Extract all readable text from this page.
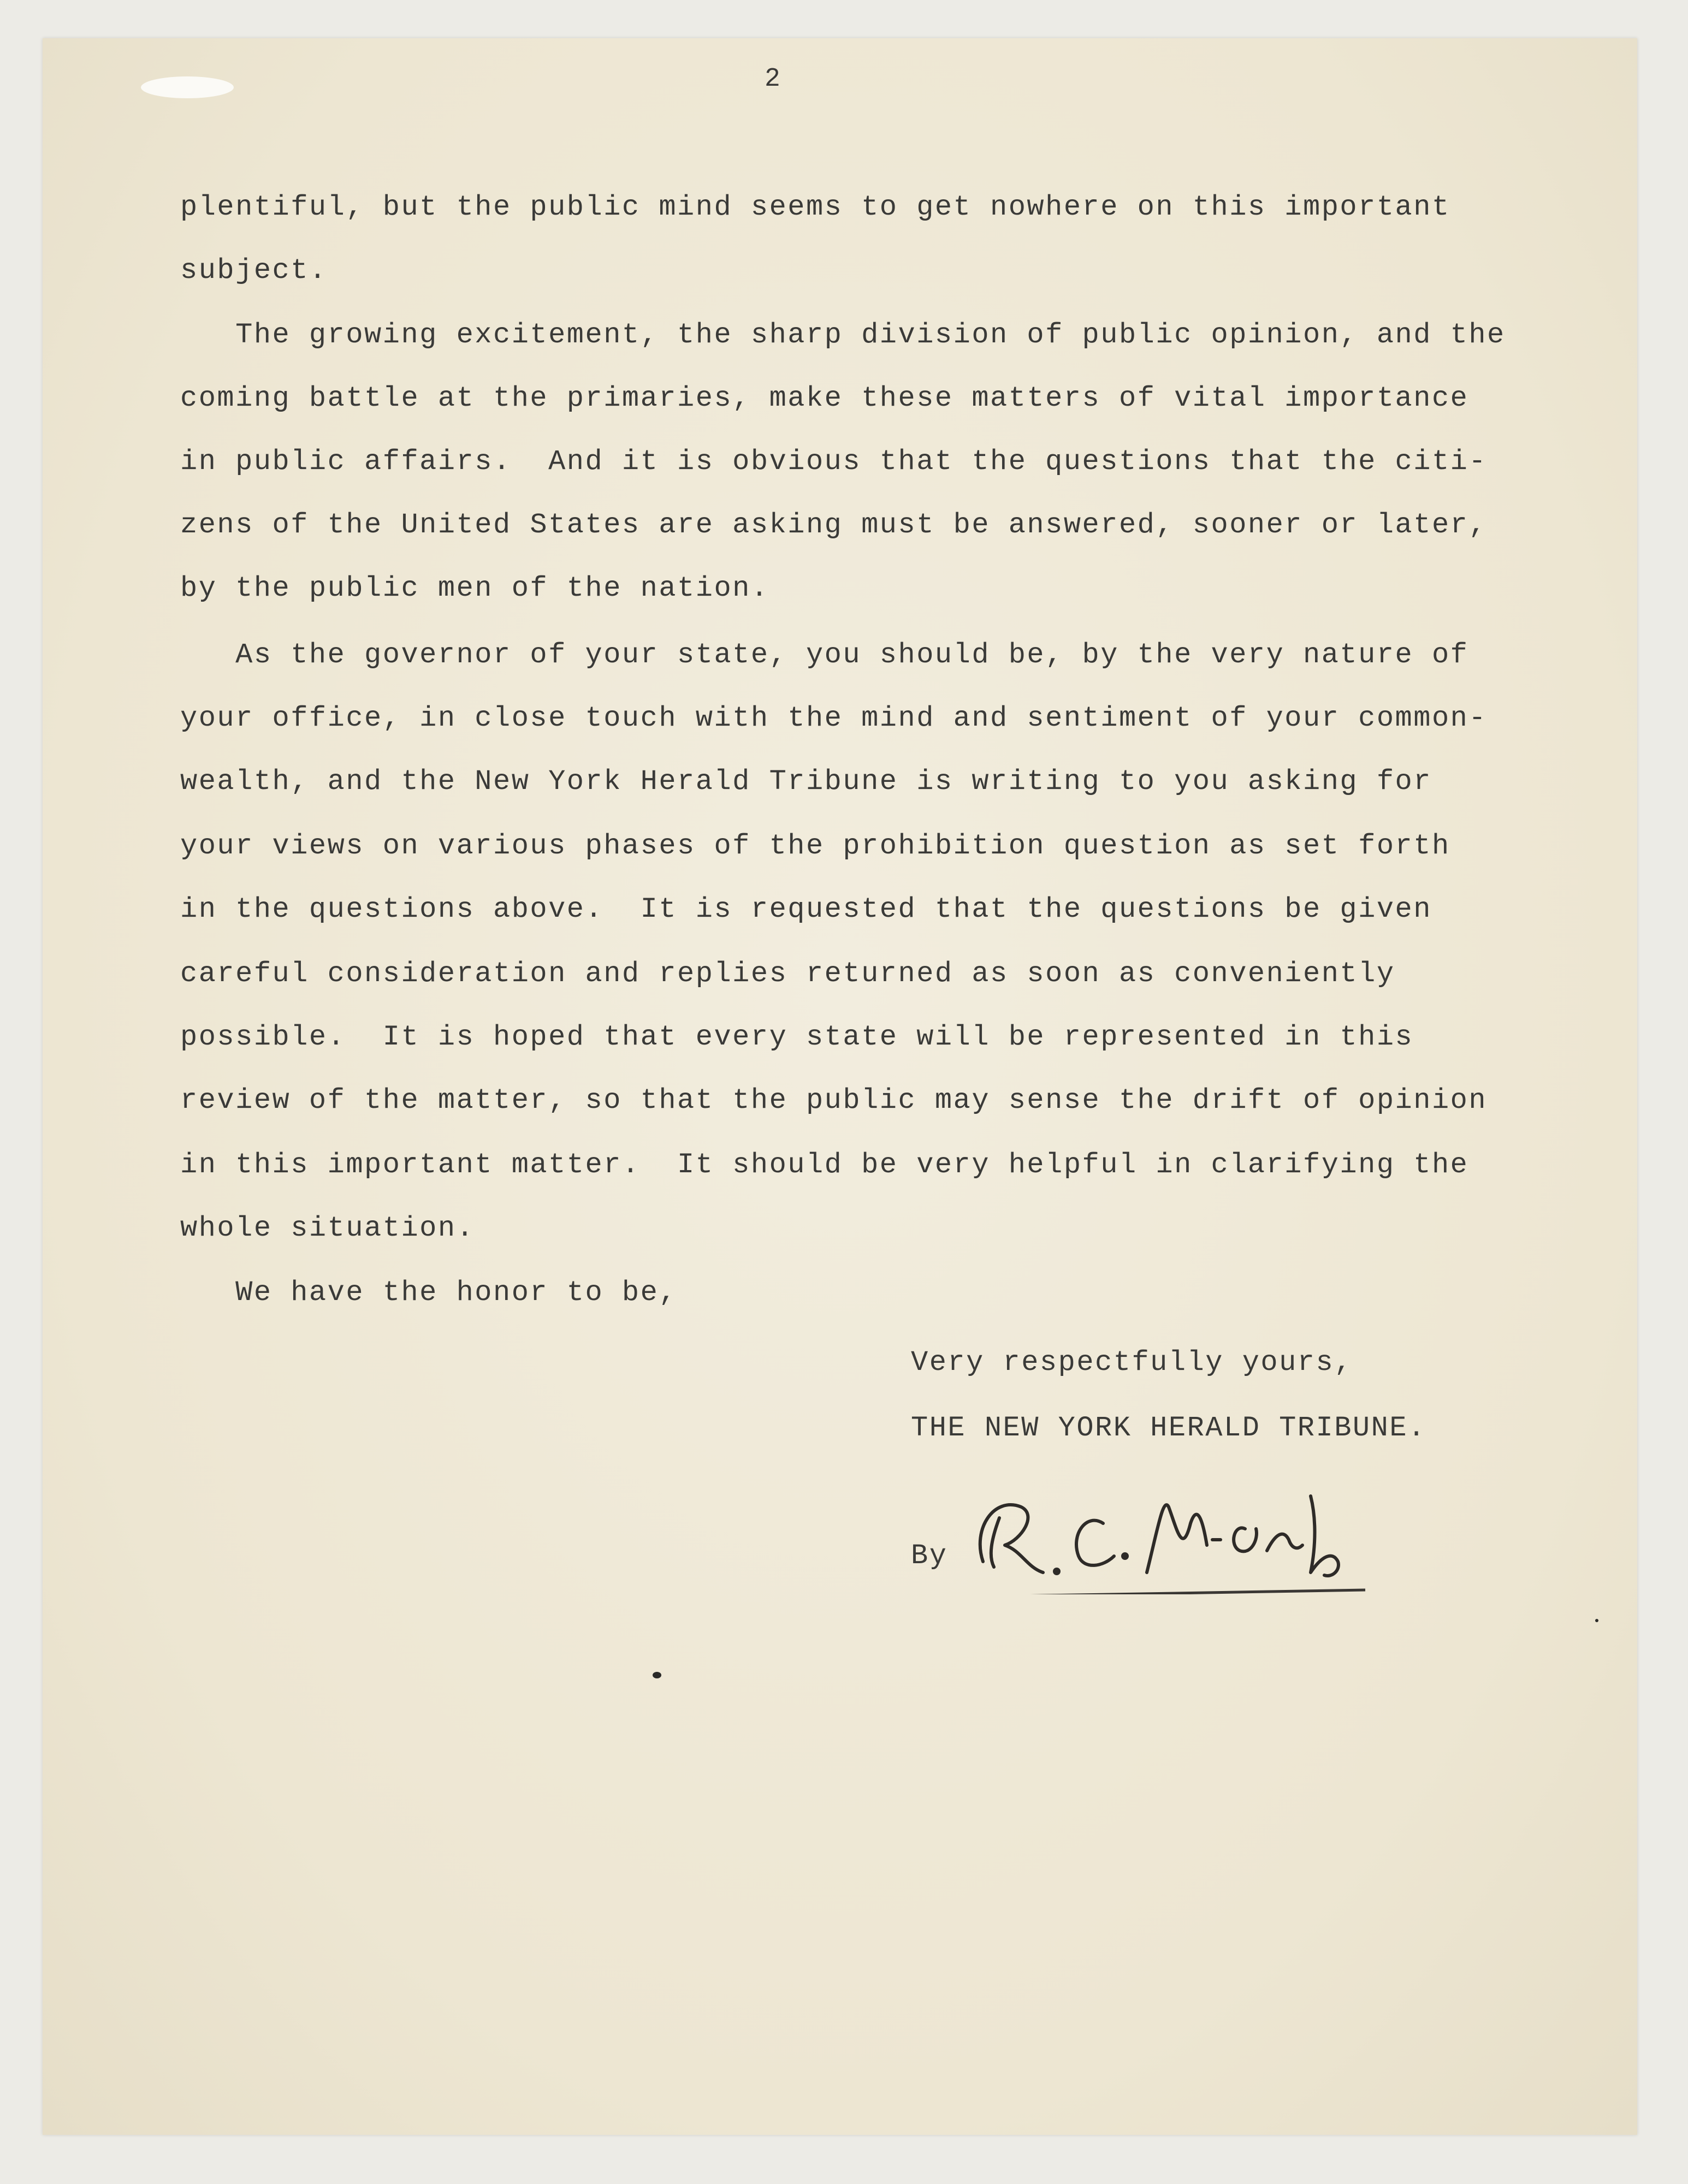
2
plentiful, but the public mind seems to get nowhere on this important
subject.
The growing excitement, the sharp division of public opinion, and the
coming battle at the primaries, make these matters of vital importance
in public affairs.  And it is obvious that the questions that the citi-
zens of the United States are asking must be answered, sooner or later,
by the public men of the nation.
As the governor of your state, you should be, by the very nature of
your office, in close touch with the mind and sentiment of your common-
wealth, and the New York Herald Tribune is writing to you asking for
your views on various phases of the prohibition question as set forth
in the questions above.  It is requested that the questions be given
careful consideration and replies returned as soon as conveniently
possible.  It is hoped that every state will be represented in this
review of the matter, so that the public may sense the drift of opinion
in this important matter.  It should be very helpful in clarifying the
whole situation.
We have the honor to be,
Very respectfully yours,
THE NEW YORK HERALD TRIBUNE.
By
